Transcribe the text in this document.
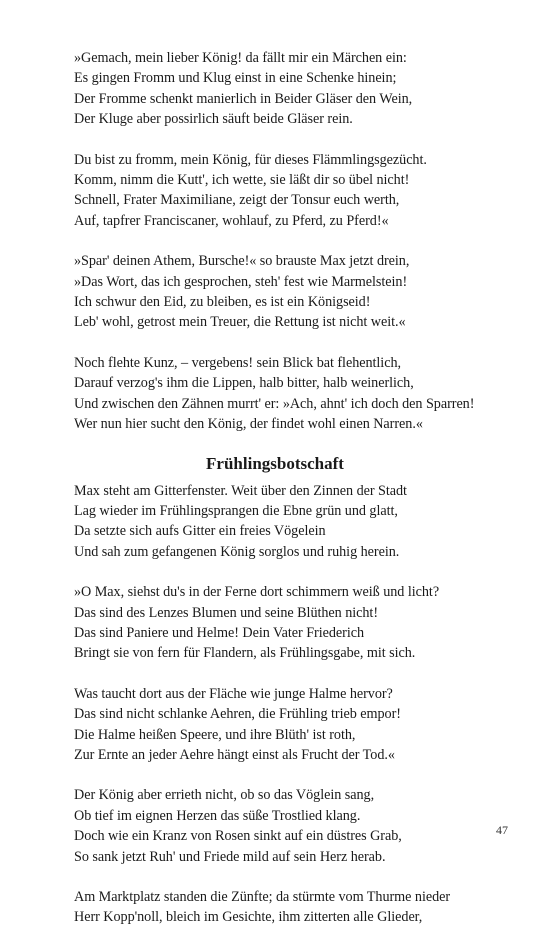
»Gemach, mein lieber König! da fällt mir ein Märchen ein:
Es gingen Fromm und Klug einst in eine Schenke hinein;
Der Fromme schenkt manierlich in Beider Gläser den Wein,
Der Kluge aber possirlich säuft beide Gläser rein.
Du bist zu fromm, mein König, für dieses Flämmlingsgezücht.
Komm, nimm die Kutt', ich wette, sie läßt dir so übel nicht!
Schnell, Frater Maximiliane, zeigt der Tonsur euch werth,
Auf, tapfrer Franciscaner, wohlauf, zu Pferd, zu Pferd!«
»Spar' deinen Athem, Bursche!« so brauste Max jetzt drein,
»Das Wort, das ich gesprochen, steh' fest wie Marmelstein!
Ich schwur den Eid, zu bleiben, es ist ein Königseid!
Leb' wohl, getrost mein Treuer, die Rettung ist nicht weit.«
Noch flehte Kunz, – vergebens! sein Blick bat flehentlich,
Darauf verzog's ihm die Lippen, halb bitter, halb weinerlich,
Und zwischen den Zähnen murrt' er: »Ach, ahnt' ich doch den Sparren!
Wer nun hier sucht den König, der findet wohl einen Narren.«
Frühlingsbotschaft
Max steht am Gitterfenster. Weit über den Zinnen der Stadt
Lag wieder im Frühlingsprangen die Ebne grün und glatt,
Da setzte sich aufs Gitter ein freies Vögelein
Und sah zum gefangenen König sorglos und ruhig herein.
»O Max, siehst du's in der Ferne dort schimmern weiß und licht?
Das sind des Lenzes Blumen und seine Blüthen nicht!
Das sind Paniere und Helme! Dein Vater Friederich
Bringt sie von fern für Flandern, als Frühlingsgabe, mit sich.
Was taucht dort aus der Fläche wie junge Halme hervor?
Das sind nicht schlanke Aehren, die Frühling trieb empor!
Die Halme heißen Speere, und ihre Blüth' ist roth,
Zur Ernte an jeder Aehre hängt einst als Frucht der Tod.«
Der König aber errieth nicht, ob so das Vöglein sang,
Ob tief im eignen Herzen das süße Trostlied klang.
Doch wie ein Kranz von Rosen sinkt auf ein düstres Grab,
So sank jetzt Ruh' und Friede mild auf sein Herz herab.
Am Marktplatz standen die Zünfte; da stürmte vom Thurme nieder
Herr Kopp'noll, bleich im Gesichte, ihm zitterten alle Glieder,
47
